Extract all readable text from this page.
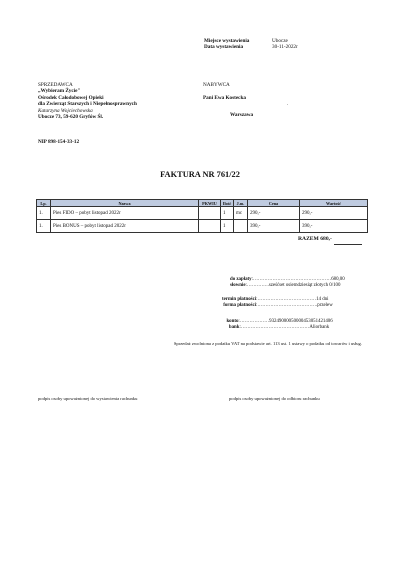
Miejsce wystawienia	Ubocze
Data wystawienia	30-11-2022r
SPRZEDAWCA
„Wybieram Życie"
Ośrodek Całodobowej Opieki
dla Zwierząt Starszych i Niepełnosprawnych
Katarzyna Wojciechowska
Ubocze 73, 59-620 Gryfów Śl.
NIP 898-154-33-12
NABYWCA
Pani Ewa Kostecka
.
Warszawa
FAKTURA NR 761/22
Lp.	Nazwa	PKWIU	Ilość	J.m.	Cena	Wartość
1.	Pies FIDO – pobyt listopad 2022r		1	mc	290,-	290,-
1.	Pies BONUS – pobyt listopad 2022r		1		390,-	390,-
RAZEM 680,-
do zapłaty:…………………………………………680,00
słownie:…………..sześćset osiemdziesiąt złotych 0/100
termin płatności:………………………………14 dni
forma płatności:……………………………….przelew
konto:………………93249000050000453051421406
bank:……………………………………Aliorbank
Sprzedaż zwolniona z podatku VAT na podstawie art. 113 ust. 1 ustawy o podatku od towarów i usług.
podpis osoby upoważnionej do wystawienia rachunku	podpis osoby upoważnionej do odbioru rachunku
